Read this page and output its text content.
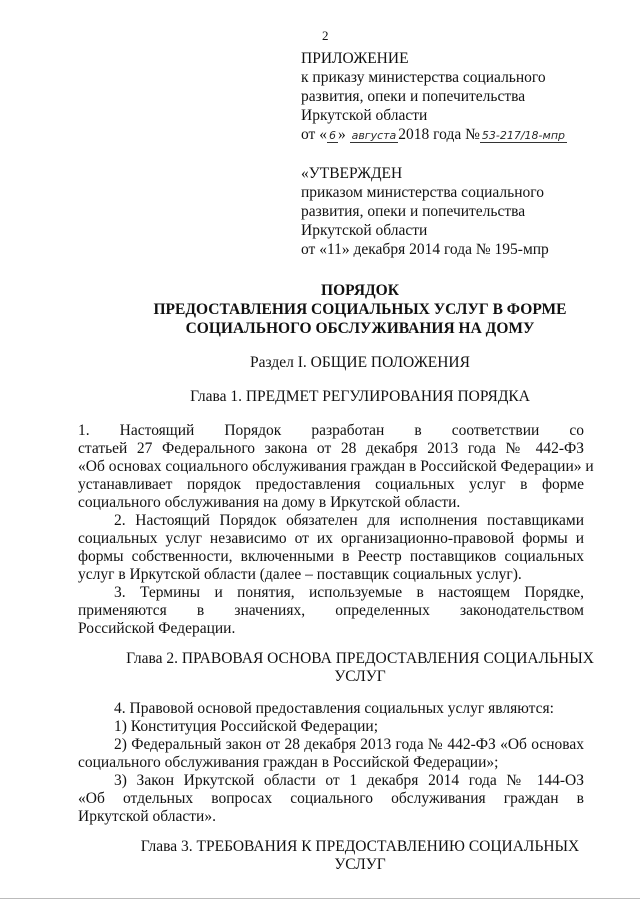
2
ПРИЛОЖЕНИЕ
к приказу министерства социального
развития, опеки и попечительства
Иркутской области
от « 6 » августа 2018 года № 53-217/18-мпр
«УТВЕРЖДЕН
приказом министерства социального
развития, опеки и попечительства
Иркутской области
от «11» декабря 2014 года № 195-мпр
ПОРЯДОК
ПРЕДОСТАВЛЕНИЯ СОЦИАЛЬНЫХ УСЛУГ В ФОРМЕ
СОЦИАЛЬНОГО ОБСЛУЖИВАНИЯ НА ДОМУ
Раздел I. ОБЩИЕ ПОЛОЖЕНИЯ
Глава 1. ПРЕДМЕТ РЕГУЛИРОВАНИЯ ПОРЯДКА
1.      Настоящий      Порядок      разработан      в      соответствии      со
статьей 27 Федерального закона от 28 декабря 2013 года № 442-ФЗ
«Об основах социального обслуживания граждан в Российской Федерации» и
устанавливает порядок предоставления социальных услуг в форме
социального обслуживания на дому в Иркутской области.
2. Настоящий Порядок обязателен для исполнения поставщиками
социальных услуг независимо от их организационно-правовой формы и
формы собственности, включенными в Реестр поставщиков социальных
услуг в Иркутской области (далее – поставщик социальных услуг).
3. Термины и понятия, используемые в настоящем Порядке,
применяются в значениях, определенных законодательством
Российской Федерации.
Глава 2. ПРАВОВАЯ ОСНОВА ПРЕДОСТАВЛЕНИЯ СОЦИАЛЬНЫХ
УСЛУГ
4. Правовой основой предоставления социальных услуг являются:
1) Конституция Российской Федерации;
2) Федеральный закон от 28 декабря 2013 года № 442-ФЗ «Об основах
социального обслуживания граждан в Российской Федерации»;
3) Закон Иркутской области от 1 декабря 2014 года № 144-ОЗ
«Об отдельных вопросах социального обслуживания граждан в
Иркутской области».
Глава 3. ТРЕБОВАНИЯ К ПРЕДОСТАВЛЕНИЮ СОЦИАЛЬНЫХ
УСЛУГ
